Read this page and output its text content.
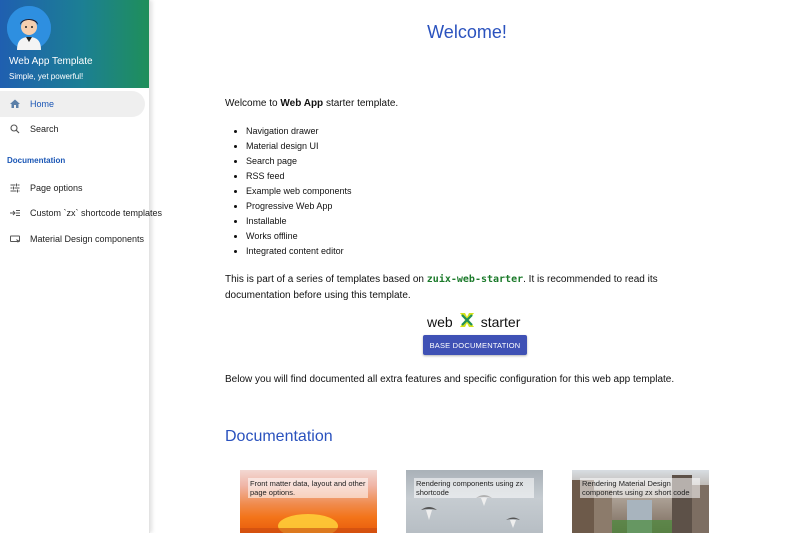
Web App Template
Simple, yet powerful!
Home
Search
Documentation
Page options
Custom `zx` shortcode templates
Material Design components
Welcome!
Welcome to Web App starter template.
• Navigation drawer
• Material design UI
• Search page
• RSS feed
• Example web components
• Progressive Web App
• Installable
• Works offline
• Integrated content editor
This is part of a series of templates based on zuix-web-starter. It is recommended to read its documentation before using this template.
web starter
BASE DOCUMENTATION
Below you will find documented all extra features and specific configuration for this web app template.
Documentation
Front matter data, layout and other page options.
Rendering components using zx shortcode
Rendering Material Design components using zx short code
